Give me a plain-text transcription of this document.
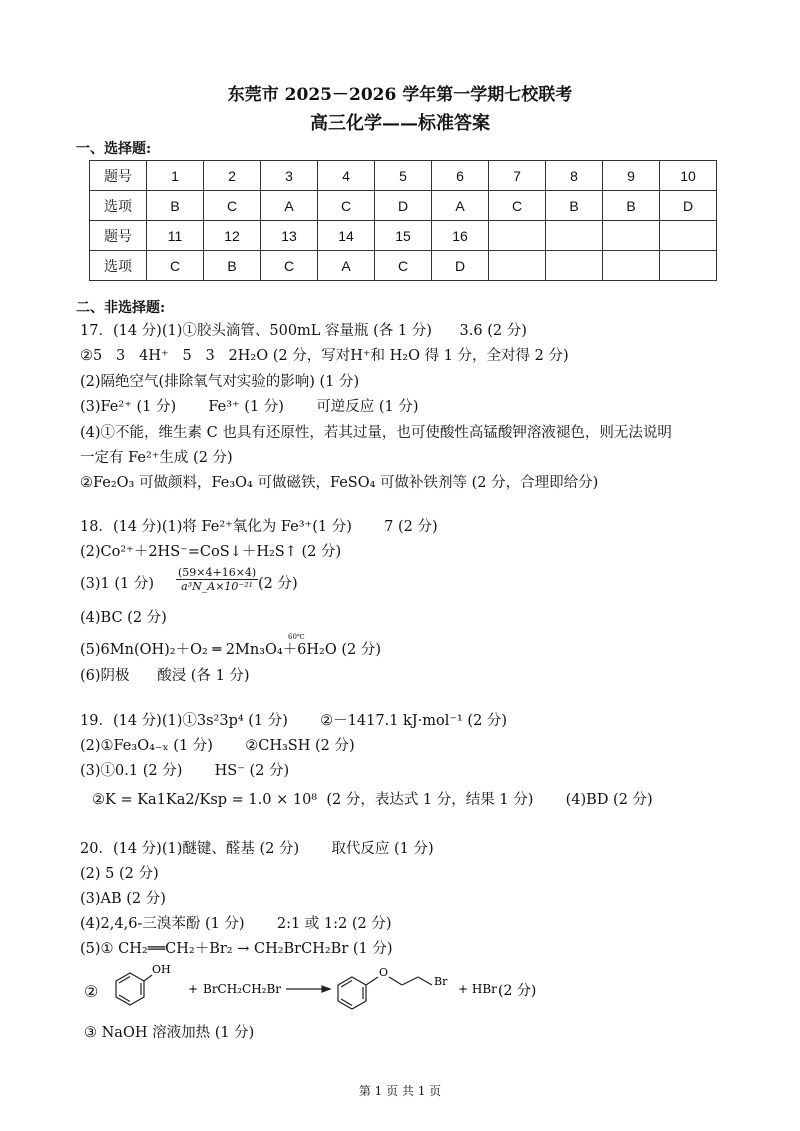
东莞市 2025－2026 学年第一学期七校联考
高三化学——标准答案
一、选择题:
题号	1	2	3	4	5	6	7	8	9	10
选项	B	C	A	C	D	A	C	B	B	D
题号	11	12	13	14	15	16				
选项	C	B	C	A	C	D				
二、非选择题:
17．(14 分)(1)①胶头滴管、500mL 容量瓶 (各 1 分)      3.6 (2 分)
②5   3   4H⁺   5   3   2H₂O (2 分，写对H⁺和 H₂O 得 1 分，全对得 2 分)
(2)隔绝空气(排除氧气对实验的影响) (1 分)
(3)Fe²⁺ (1 分)       Fe³⁺ (1 分)       可逆反应 (1 分)
(4)①不能，维生素 C 也具有还原性，若其过量，也可使酸性高锰酸钾溶液褪色，则无法说明
一定有 Fe²⁺生成 (2 分)
②Fe₂O₃ 可做颜料，Fe₃O₄ 可做磁铁，FeSO₄ 可做补铁剂等 (2 分，合理即给分)
18．(14 分)(1)将 Fe²⁺氧化为 Fe³⁺(1 分)       7 (2 分)
(2)Co²⁺＋2HS⁻=CoS↓＋H₂S↑ (2 分)
(3)1 (1 分) $\frac{(59\times 4+16\times 4)}{\text{a³N\_A×10⁻²¹}} (2$ 分)
(4)BC (2 分)
60℃
(5)6Mn(OH)₂＋O₂ ═ 2Mn₃O₄＋6H₂O (2 分)
(6)阴极      酸浸 (各 1 分)
19．(14 分)(1)①3s²3p⁴ (1 分)       ②－1417.1 kJ·mol⁻¹ (2 分)
(2)①Fe₃O₄₋ₓ (1 分)       ②CH₃SH (2 分)
(3)①0.1 (2 分)       HS⁻ (2 分)
②K = Ka1Ka2/Ksp = 1.0 × 10⁸  (2 分，表达式 1 分，结果 1 分)       (4)BD (2 分)
20．(14 分)(1)醚键、醛基 (2 分)       取代反应 (1 分)
(2) 5 (2 分)
(3)AB (2 分)
(4)2,4,6-三溴苯酚 (1 分)       2:1 或 1:2 (2 分)
(5)① CH₂══CH₂＋Br₂ → CH₂BrCH₂Br (1 分)
②
OH
+ BrCH₂CH₂Br
O
Br
+ HBr (2 分)
③ NaOH 溶液加热 (1 分)
第 1 页 共 1 页
